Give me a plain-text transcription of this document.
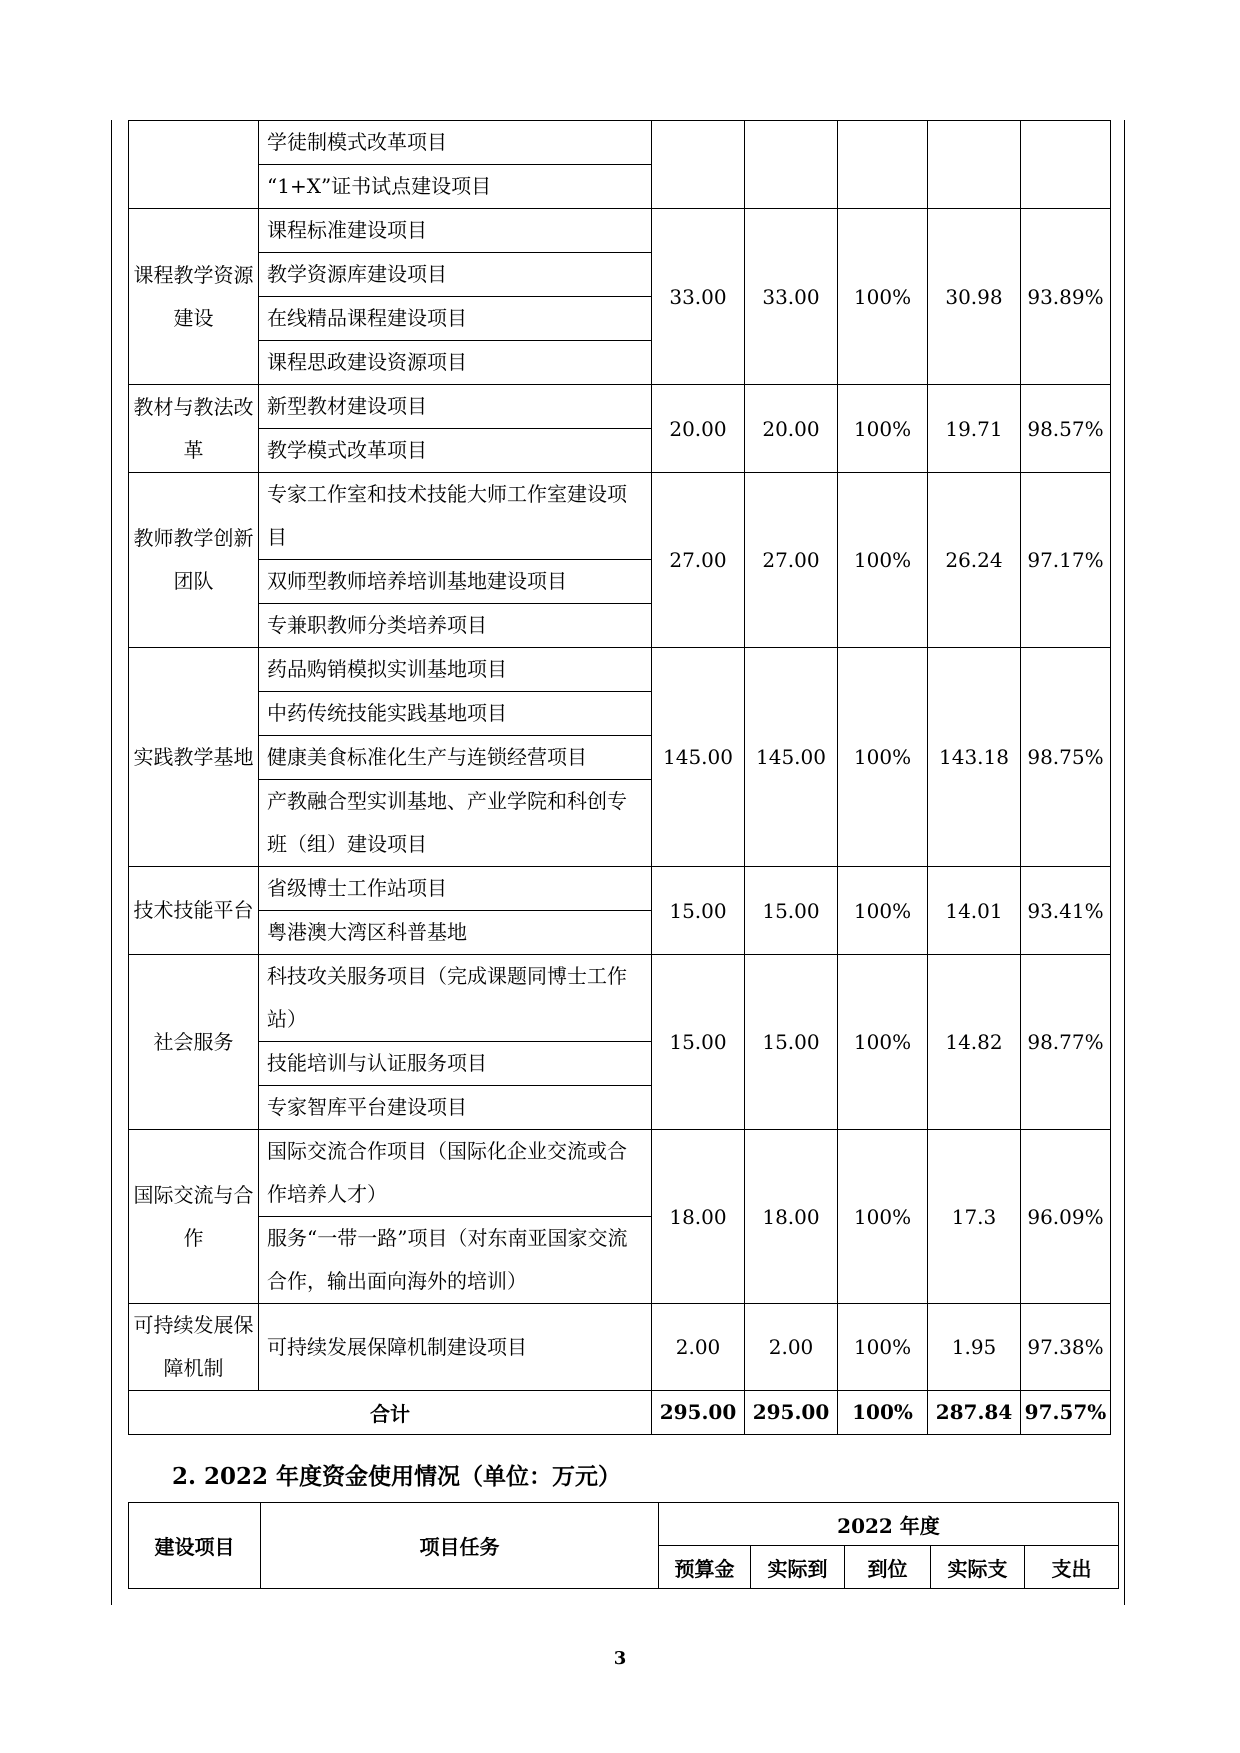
	学徒制模式改革项目					
	“1+X”证书试点建设项目					
课程教学资源建设	课程标准建设项目	33.00	33.00	100%	30.98	93.89%
	教学资源库建设项目					
	在线精品课程建设项目					
	课程思政建设资源项目					
教材与教法改革	新型教材建设项目	20.00	20.00	100%	19.71	98.57%
	教学模式改革项目					
教师教学创新团队	专家工作室和技术技能大师工作室建设项目	27.00	27.00	100%	26.24	97.17%

	双师型教师培养培训基地建设项目					
	专兼职教师分类培养项目					
实践教学基地	药品购销模拟实训基地项目	145.00	145.00	100%	143.18	98.75%
	中药传统技能实践基地项目					
	健康美食标准化生产与连锁经营项目					
	产教融合型实训基地、产业学院和科创专班（组）建设项目					

技术技能平台	省级博士工作站项目	15.00	15.00	100%	14.01	93.41%
	粤港澳大湾区科普基地					
社会服务	科技攻关服务项目（完成课题同博士工作站）	15.00	15.00	100%	14.82	98.77%

	技能培训与认证服务项目					
	专家智库平台建设项目					
国际交流与合作	国际交流合作项目（国际化企业交流或合作培养人才）	18.00	18.00	100%	17.3	96.09%

	服务“一带一路”项目（对东南亚国家交流合作，输出面向海外的培训）					

可持续发展保障机制	可持续发展保障机制建设项目	2.00	2.00	100%	1.95	97.38%
合计		295.00	295.00	100%	287.84	97.57%
2. 2022 年度资金使用情况（单位：万元）
建设项目	项目任务	2022 年度				
		预算金	实际到	到位	实际支	支出
3
